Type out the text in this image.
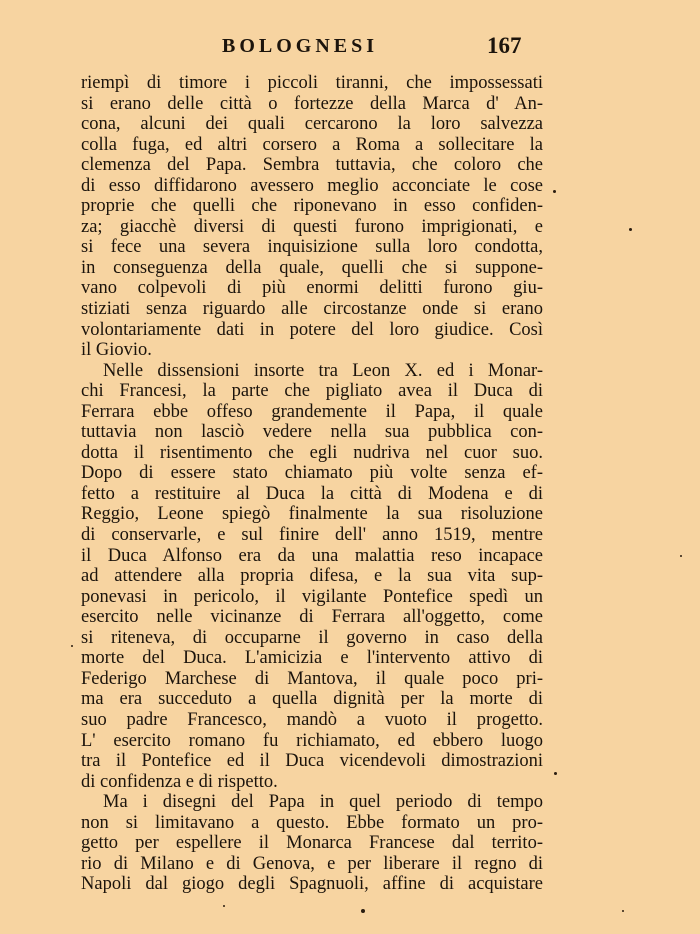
BOLOGNESI	167
riempì di timore i piccoli tiranni, che impossessati
si erano delle città o fortezze della Marca d' An-
cona, alcuni dei quali cercarono la loro salvezza
colla fuga, ed altri corsero a Roma a sollecitare la
clemenza del Papa. Sembra tuttavia, che coloro che
di esso diffidarono avessero meglio acconciate le cose
proprie che quelli che riponevano in esso confiden-
za; giacchè diversi di questi furono imprigionati, e
si fece una severa inquisizione sulla loro condotta,
in conseguenza della quale, quelli che si suppone-
vano colpevoli di più enormi delitti furono giu-
stiziati senza riguardo alle circostanze onde si erano
volontariamente dati in potere del loro giudice. Così
il Giovio.
Nelle dissensioni insorte tra Leon X. ed i Monar-
chi Francesi, la parte che pigliato avea il Duca di
Ferrara ebbe offeso grandemente il Papa, il quale
tuttavia non lasciò vedere nella sua pubblica con-
dotta il risentimento che egli nudriva nel cuor suo.
Dopo di essere stato chiamato più volte senza ef-
fetto a restituire al Duca la città di Modena e di
Reggio, Leone spiegò finalmente la sua risoluzione
di conservarle, e sul finire dell' anno 1519, mentre
il Duca Alfonso era da una malattia reso incapace
ad attendere alla propria difesa, e la sua vita sup-
ponevasi in pericolo, il vigilante Pontefice spedì un
esercito nelle vicinanze di Ferrara all'oggetto, come
si riteneva, di occuparne il governo in caso della
morte del Duca. L'amicizia e l'intervento attivo di
Federigo Marchese di Mantova, il quale poco pri-
ma era succeduto a quella dignità per la morte di
suo padre Francesco, mandò a vuoto il progetto.
L' esercito romano fu richiamato, ed ebbero luogo
tra il Pontefice ed il Duca vicendevoli dimostrazioni
di confidenza e di rispetto.
Ma i disegni del Papa in quel periodo di tempo
non si limitavano a questo. Ebbe formato un pro-
getto per espellere il Monarca Francese dal territo-
rio di Milano e di Genova, e per liberare il regno di
Napoli dal giogo degli Spagnuoli, affine di acquistare
